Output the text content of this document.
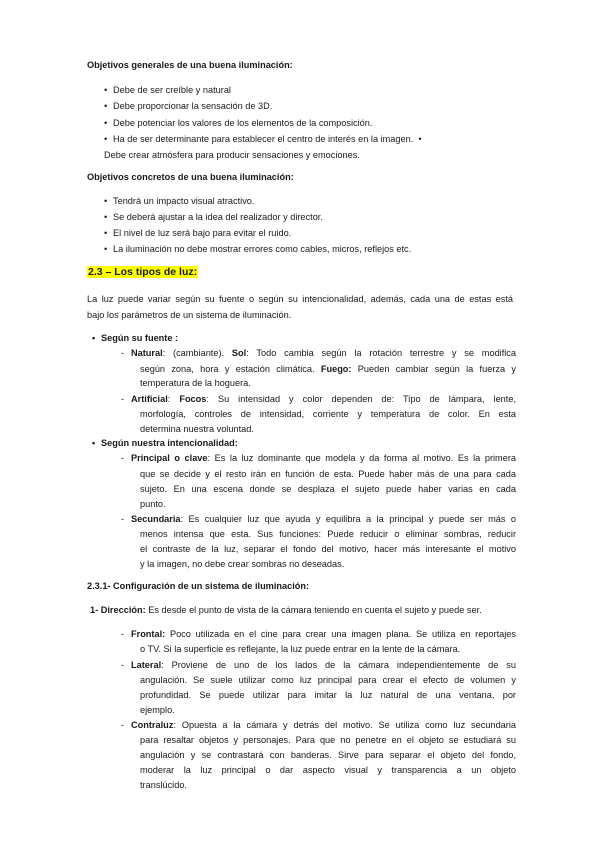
Objetivos generales de una buena iluminación:
• Debe de ser creíble y natural
• Debe proporcionar la sensación de 3D.
• Debe potenciar los valores de los elementos de la composición.
• Ha de ser determinante para establecer el centro de interés en la imagen. •
Debe crear atmósfera para producir sensaciones y emociones.
Objetivos concretos de una buena iluminación:
• Tendrá un impacto visual atractivo.
• Se deberá ajustar a la idea del realizador y director.
• El nivel de luz será bajo para evitar el ruido.
• La iluminación no debe mostrar errores como cables, micros, reflejos etc.
2.3 – Los tipos de luz:
La luz puede variar según su fuente o según su intencionalidad, además, cada una de estas está
bajo los parámetros de un sistema de iluminación.
• Según su fuente :
- Natural: (cambiante). Sol: Todo cambia según la rotación terrestre y se modifica
según zona, hora y estación climática. Fuego: Pueden cambiar según la fuerza y
temperatura de la hoguera.
- Artificial: Focos: Su intensidad y color dependen de: Tipo de lámpara, lente,
morfología, controles de intensidad, corriente y temperatura de color. En esta
determina nuestra voluntad.
• Según nuestra intencionalidad:
- Principal o clave: Es la luz dominante que modela y da forma al motivo. Es la primera
que se decide y el resto irán en función de esta. Puede haber más de una para cada
sujeto. En una escena donde se desplaza el sujeto puede haber varias en cada
punto.
- Secundaria: Es cualquier luz que ayuda y equilibra a la principal y puede ser más o
menos intensa que esta. Sus funciones: Puede reducir o eliminar sombras, reducir
el contraste de la luz, separar el fondo del motivo, hacer más interesante el motivo
y la imagen, no debe crear sombras no deseadas.
2.3.1- Configuración de un sistema de iluminación:
1- Dirección: Es desde el punto de vista de la cámara teniendo en cuenta el sujeto y puede ser.
- Frontal: Poco utilizada en el cine para crear una imagen plana. Se utiliza en reportajes
o TV. Si la superficie es reflejante, la luz puede entrar en la lente de la cámara.
- Lateral: Proviene de uno de los lados de la cámara independientemente de su
angulación. Se suele utilizar como luz principal para crear el efecto de volumen y
profundidad. Se puede utilizar para imitar la luz natural de una ventana, por
ejemplo.
- Contraluz: Opuesta a la cámara y detrás del motivo. Se utiliza como luz secundaria
para resaltar objetos y personajes. Para que no penetre en el objeto se estudiará su
angulación y se contrastará con banderas. Sirve para separar el objeto del fondo,
moderar la luz principal o dar aspecto visual y transparencia a un objeto
translúcido.
